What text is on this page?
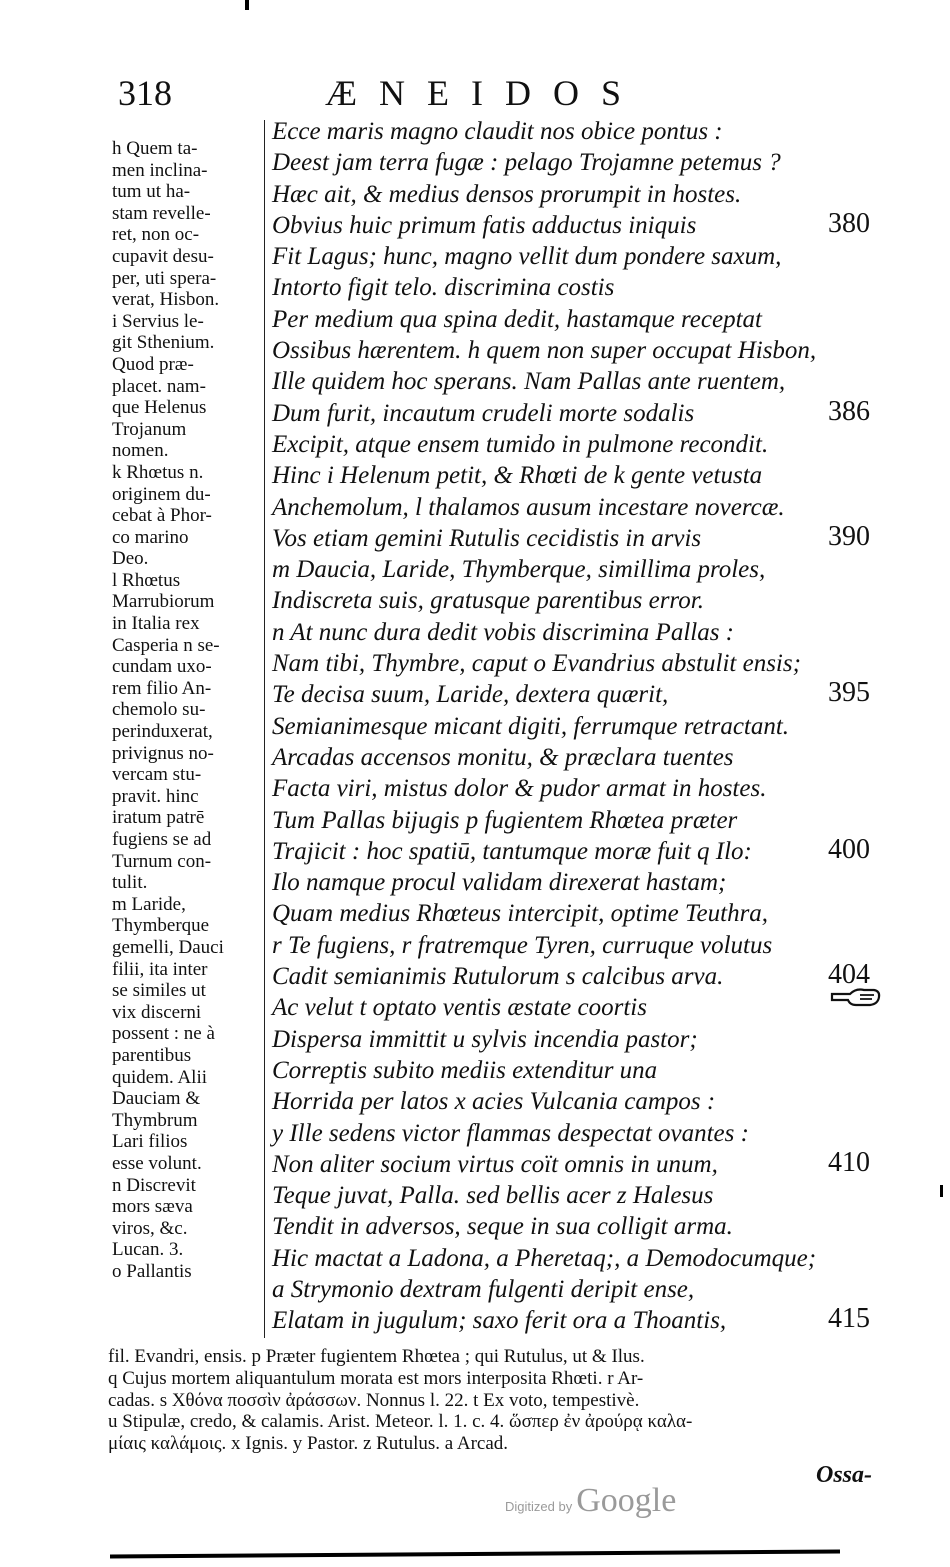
318	ÆNEIDOS
h Quem ta-
men inclina-
tum ut ha-
stam revelle-
ret, non oc-
cupavit desu-
per, uti spera-
verat, Hisbon.
i Servius le-
git Sthenium.
Quod præ-
placet. nam-
que Helenus
Trojanum
nomen.
k Rhœtus n.
originem du-
cebat à Phor-
co marino
Deo.
l Rhœtus
Marrubiorum
in Italia rex
Casperia n se-
cundam uxo-
rem filio An-
chemolo su-
perinduxerat,
privignus no-
vercam stu-
pravit. hinc
iratum patrē
fugiens se ad
Turnum con-
tulit.
m Laride,
Thymberque
gemelli, Dauci
filii, ita inter
se similes ut
vix discerni
possent : ne à
parentibus
quidem. Alii
Dauciam &
Thymbrum
Lari filios
esse volunt.
n Discrevit
mors sæva
viros, &c.
Lucan. 3.
o Pallantis
Ecce maris magno claudit nos obice pontus :
Deest jam terra fugæ : pelago Trojamne petemus ?
Hæc ait, & medius densos prorumpit in hostes.
Obvius huic primum fatis adductus iniquis	380
Fit Lagus; hunc, magno vellit dum pondere saxum,
Intorto figit telo. discrimina costis
Per medium qua spina dedit, hastamque receptat
Ossibus hærentem. h quem non super occupat Hisbon,
Ille quidem hoc sperans. Nam Pallas ante ruentem,
Dum furit, incautum crudeli morte sodalis	386
Excipit, atque ensem tumido in pulmone recondit.
Hinc i Helenum petit, & Rhœti de k gente vetusta
Anchemolum, l thalamos ausum incestare novercæ.
Vos etiam gemini Rutulis cecidistis in arvis	390
m Daucia, Laride, Thymberque, simillima proles,
Indiscreta suis, gratusque parentibus error.
n At nunc dura dedit vobis discrimina Pallas :
Nam tibi, Thymbre, caput o Evandrius abstulit ensis;
Te decisa suum, Laride, dextera quærit,	395
Semianimesque micant digiti, ferrumque retractant.
Arcadas accensos monitu, & præclara tuentes
Facta viri, mistus dolor & pudor armat in hostes.
Tum Pallas bijugis p fugientem Rhœtea præter
Trajicit : hoc spatiū, tantumque moræ fuit q Ilo:	400
Ilo namque procul validam direxerat hastam;
Quam medius Rhœteus intercipit, optime Teuthra,
r Te fugiens, r fratremque Tyren, curruque volutus
Cadit semianimis Rutulorum s calcibus arva.	404
Ac velut t optato ventis æstate coortis
Dispersa immittit u sylvis incendia pastor;
Correptis subito mediis extenditur una
Horrida per latos x acies Vulcania campos :
y Ille sedens victor flammas despectat ovantes :
Non aliter socium virtus coït omnis in unum,	410
Teque juvat, Palla. sed bellis acer z Halesus
Tendit in adversos, seque in sua colligit arma.
Hic mactat a Ladona, a Pheretaq;, a Demodocumque;
a Strymonio dextram fulgenti deripit ense,
Elatam in jugulum; saxo ferit ora a Thoantis,	415
fil. Evandri, ensis. p Præter fugientem Rhœtea ; qui Rutulus, ut & Ilus.
q Cujus mortem aliquantulum morata est mors interposita Rhœti. r Ar-
cadas. s Χθόνα ποσσὶν ἀράσσων. Nonnus l. 22. t Ex voto, tempestivè.
u Stipulæ, credo, & calamis. Arist. Meteor. l. 1. c. 4. ὥσπερ ἐν ἀρούρᾳ καλα-
μίαις καλάμοις. x Ignis. y Pastor. z Rutulus. a Arcad.
Ossa-
Digitized by Google
